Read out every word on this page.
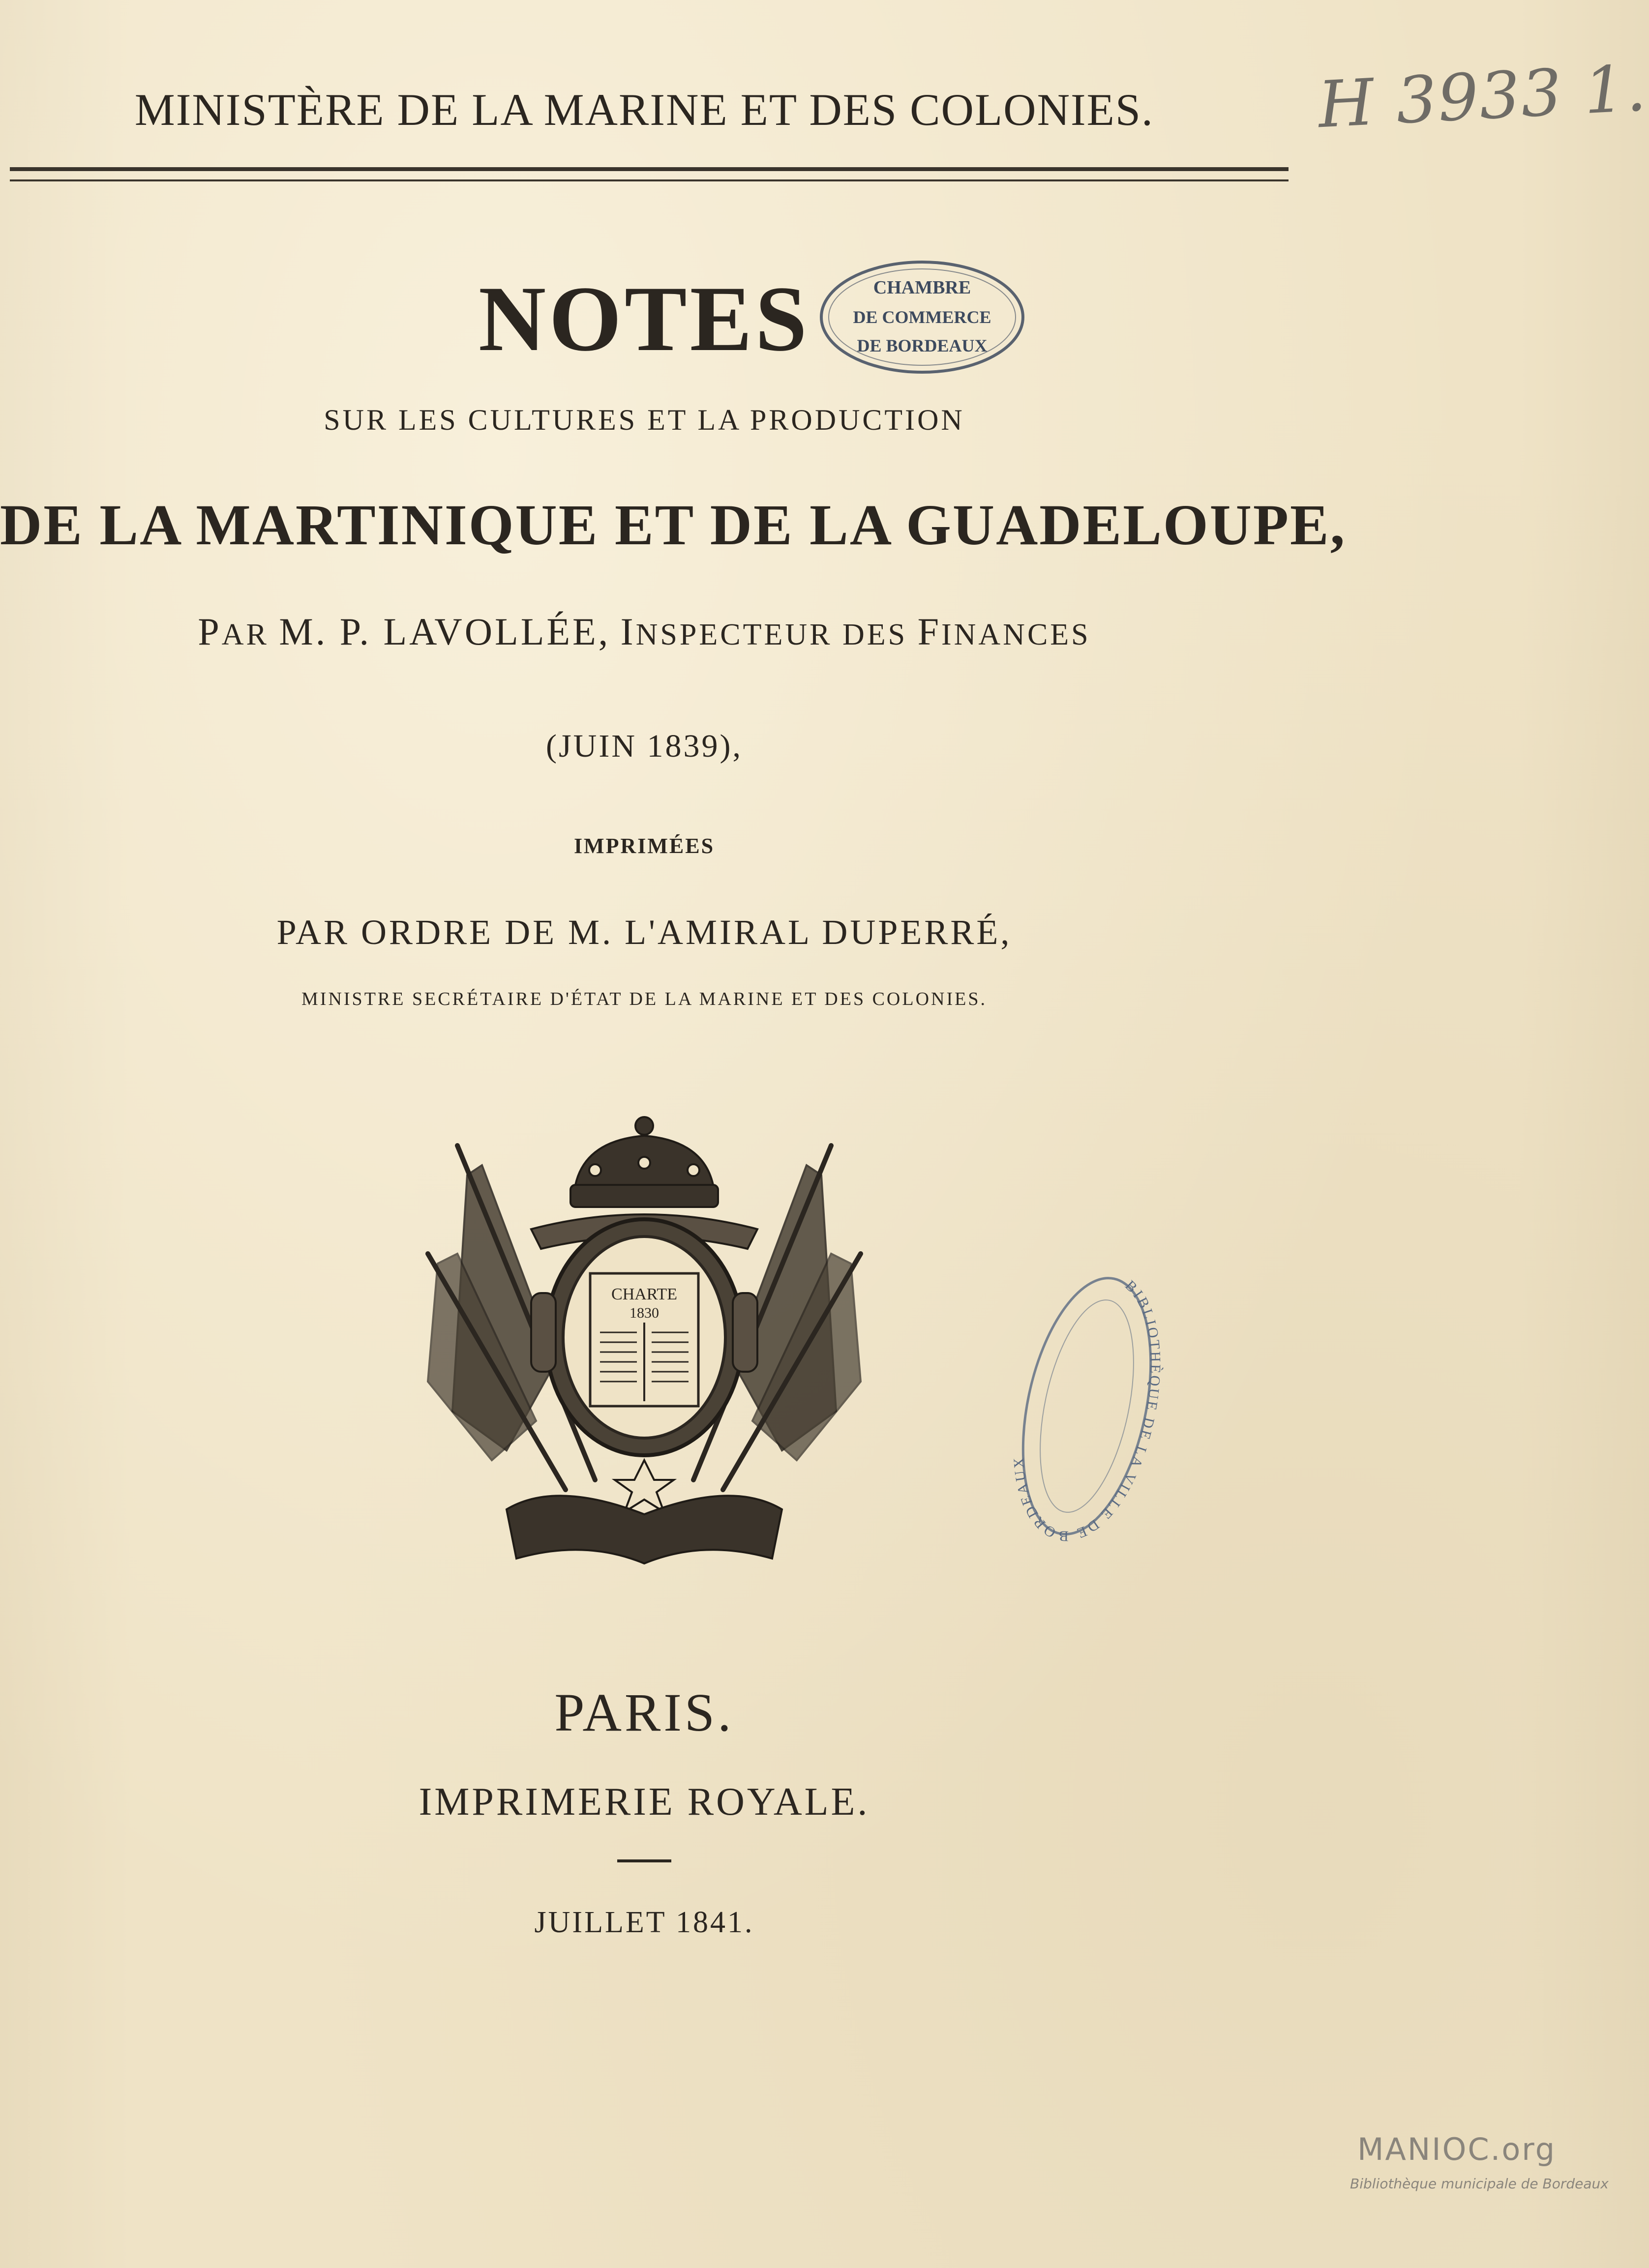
MINISTÈRE DE LA MARINE ET DES COLONIES.	H 3933 1.
NOTES	CHAMBRE
DE COMMERCE
DE BORDEAUX
SUR LES CULTURES ET LA PRODUCTION
DE LA MARTINIQUE ET DE LA GUADELOUPE,
PAR M. P. LAVOLLÉE, INSPECTEUR DES FINANCES
(JUIN 1839),
IMPRIMÉES
PAR ORDRE DE M. L'AMIRAL DUPERRÉ,
MINISTRE SECRÉTAIRE D'ÉTAT DE LA MARINE ET DES COLONIES.
CHARTE
1830
BIBLIOTHÈQUE DE LA VILLE DE BORDEAUX
PARIS.
IMPRIMERIE ROYALE.
JUILLET 1841.
MANIOC.org
Bibliothèque municipale de Bordeaux
